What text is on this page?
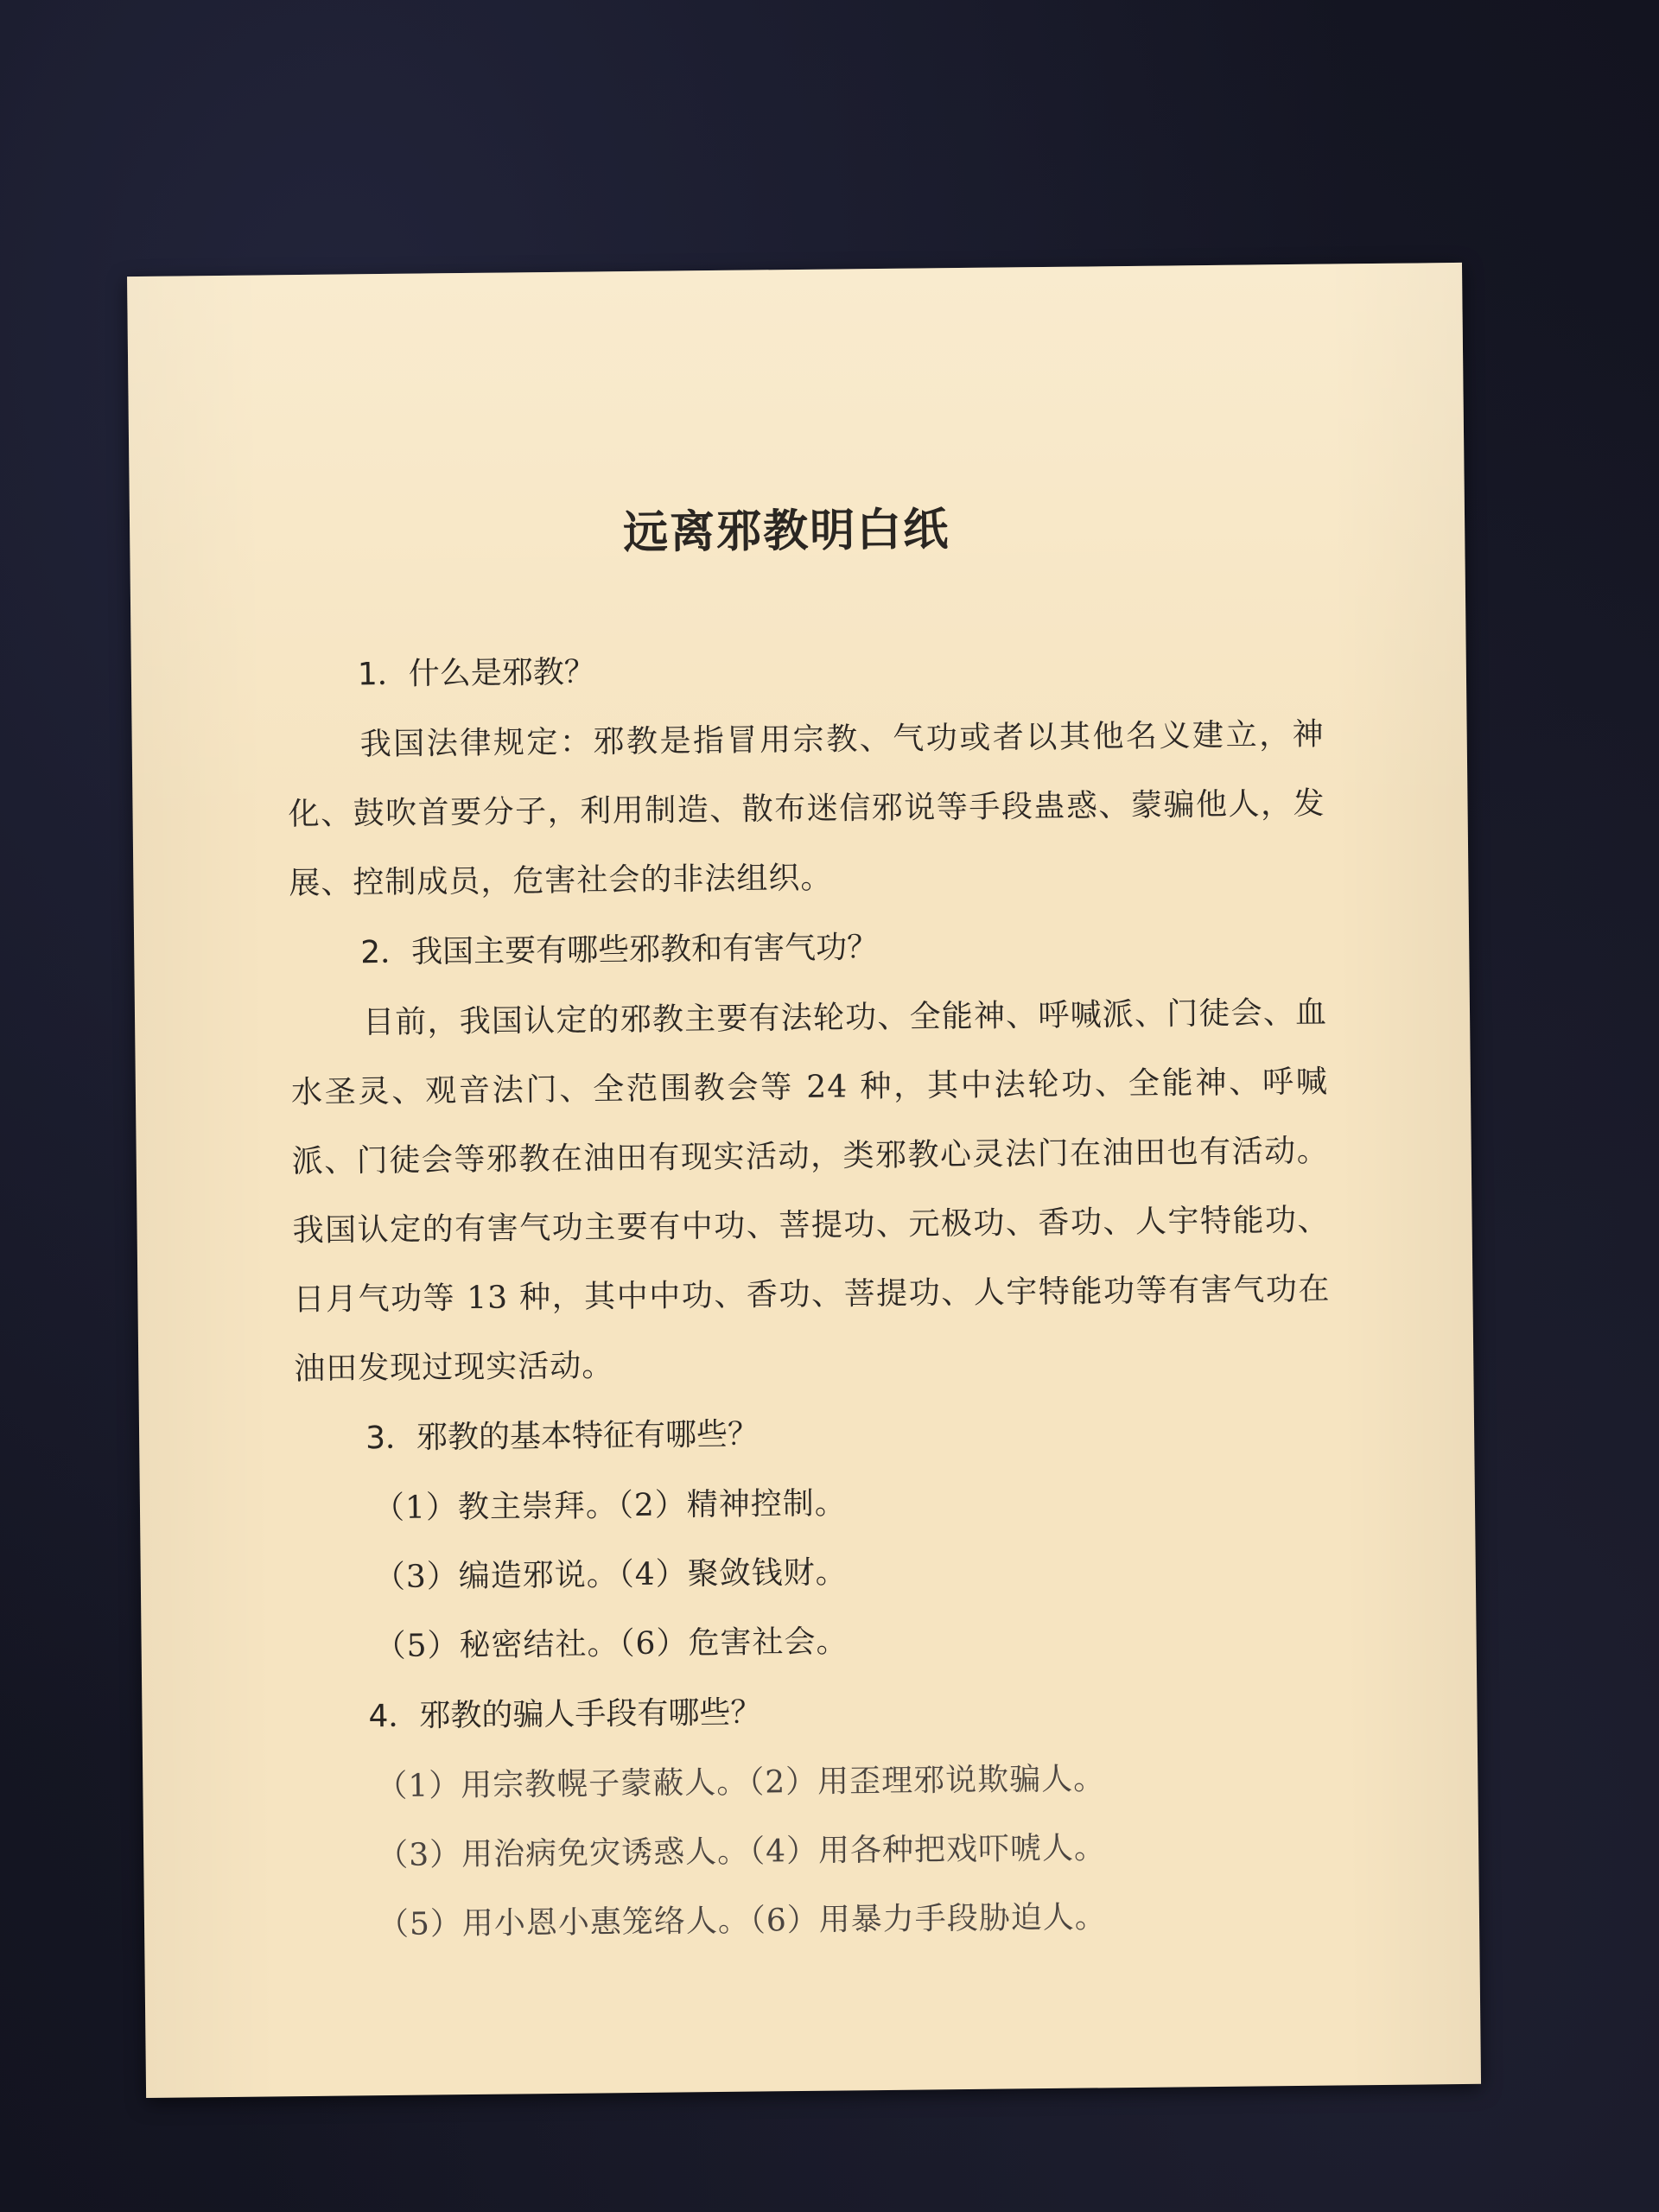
远离邪教明白纸

1．什么是邪教？

我国法律规定：邪教是指冒用宗教、气功或者以其他名义建立，神化、鼓吹首要分子，利用制造、散布迷信邪说等手段蛊惑、蒙骗他人，发展、控制成员，危害社会的非法组织。

2．我国主要有哪些邪教和有害气功？

目前，我国认定的邪教主要有法轮功、全能神、呼喊派、门徒会、血水圣灵、观音法门、全范围教会等 24 种，其中法轮功、全能神、呼喊派、门徒会等邪教在油田有现实活动，类邪教心灵法门在油田也有活动。我国认定的有害气功主要有中功、菩提功、元极功、香功、人宇特能功、日月气功等 13 种，其中中功、香功、菩提功、人宇特能功等有害气功在油田发现过现实活动。

3．邪教的基本特征有哪些？

（1）教主崇拜。（2）精神控制。

（3）编造邪说。（4）聚敛钱财。

（5）秘密结社。（6）危害社会。

4．邪教的骗人手段有哪些？

（1）用宗教幌子蒙蔽人。（2）用歪理邪说欺骗人。

（3）用治病免灾诱惑人。（4）用各种把戏吓唬人。

（5）用小恩小惠笼络人。（6）用暴力手段胁迫人。
